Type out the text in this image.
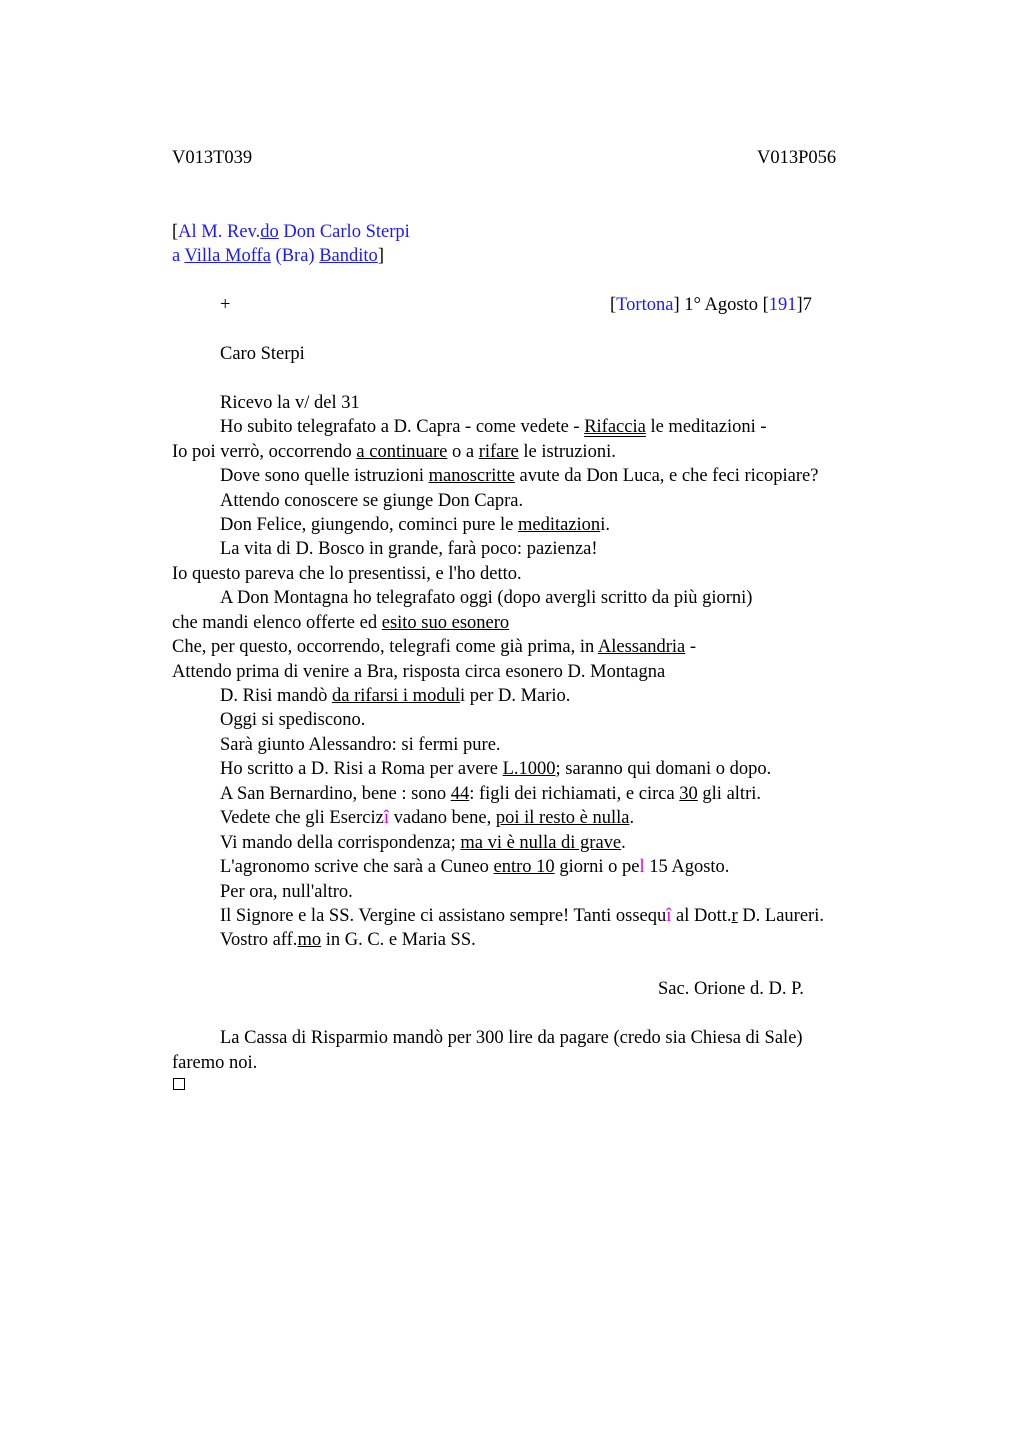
V013T039	V013P056
[Al M. Rev.do Don Carlo Sterpi
a Villa Moffa (Bra) Bandito]
+	[Tortona] 1° Agosto [191]7
Caro Sterpi
Ricevo la v/ del 31
Ho subito telegrafato a D. Capra - come vedete - Rifaccia le meditazioni -
Io poi verrò, occorrendo a continuare o a rifare le istruzioni.
Dove sono quelle istruzioni manoscritte avute da Don Luca, e che feci ricopiare?
Attendo conoscere se giunge Don Capra.
Don Felice, giungendo, cominci pure le meditazioni.
La vita di D. Bosco in grande, farà poco: pazienza!
Io questo pareva che lo presentissi, e l'ho detto.
A Don Montagna ho telegrafato oggi (dopo avergli scritto da più giorni)
che mandi elenco offerte ed esito suo esonero
Che, per questo, occorrendo, telegrafi come già prima, in Alessandria -
Attendo prima di venire a Bra, risposta circa esonero D. Montagna
D. Risi mandò da rifarsi i moduli per D. Mario.
Oggi si spediscono.
Sarà giunto Alessandro: si fermi pure.
Ho scritto a D. Risi a Roma per avere L.1000; saranno qui domani o dopo.
A San Bernardino, bene : sono 44: figli dei richiamati, e circa 30 gli altri.
Vedete che gli Esercizî vadano bene, poi il resto è nulla.
Vi mando della corrispondenza; ma vi è nulla di grave.
L'agronomo scrive che sarà a Cuneo entro 10 giorni o pel 15 Agosto.
Per ora, null'altro.
Il Signore e la SS. Vergine ci assistano sempre! Tanti ossequî al Dott.r D. Laureri.
Vostro aff.mo in G. C. e Maria SS.
Sac. Orione d. D. P.
La Cassa di Risparmio mandò per 300 lire da pagare (credo sia Chiesa di Sale)
faremo noi.
